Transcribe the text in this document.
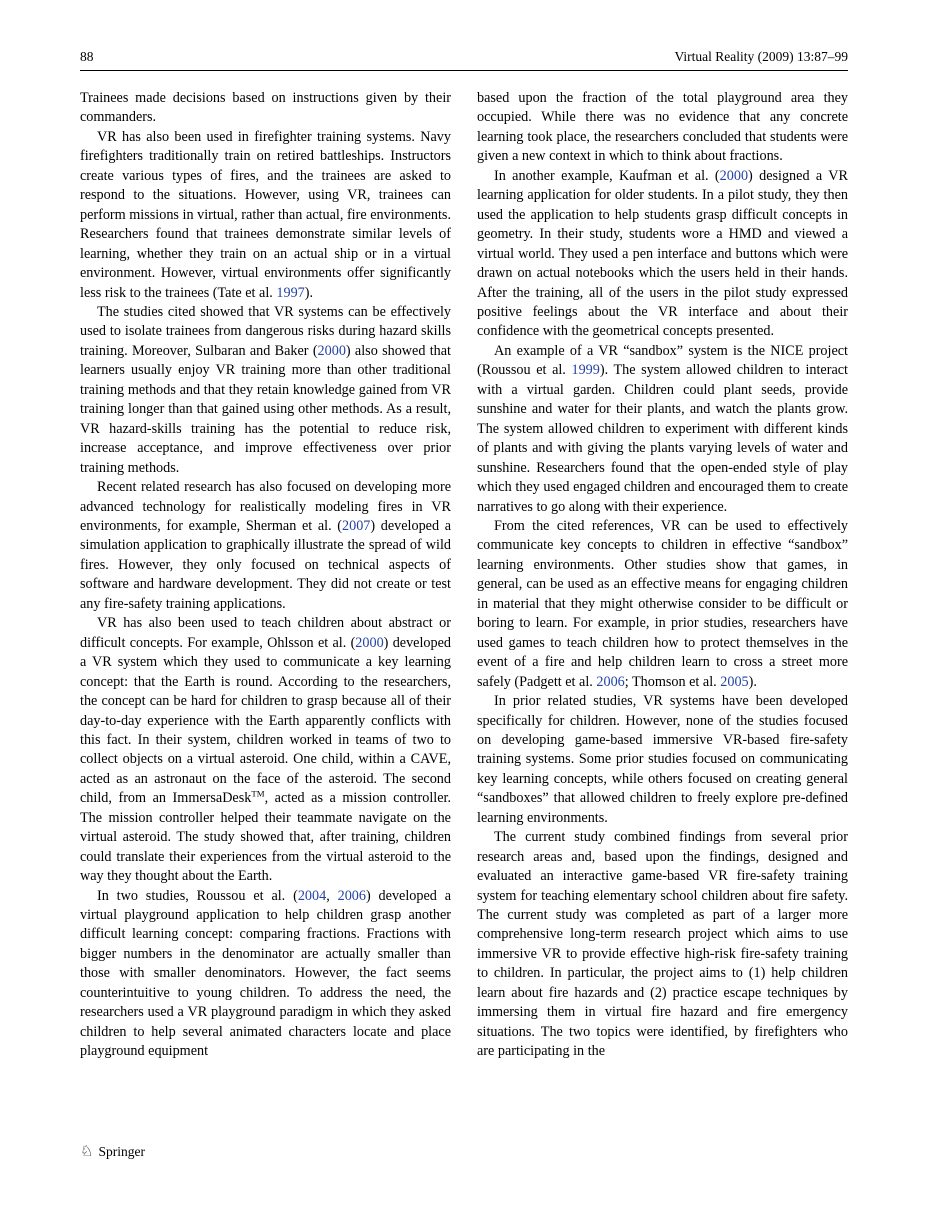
88	Virtual Reality (2009) 13:87–99

Trainees made decisions based on instructions given by their commanders.

VR has also been used in firefighter training systems. Navy firefighters traditionally train on retired battleships. Instructors create various types of fires, and the trainees are asked to respond to the situations. However, using VR, trainees can perform missions in virtual, rather than actual, fire environments. Researchers found that trainees demonstrate similar levels of learning, whether they train on an actual ship or in a virtual environment. However, virtual environments offer significantly less risk to the trainees (Tate et al. 1997).

The studies cited showed that VR systems can be effectively used to isolate trainees from dangerous risks during hazard skills training. Moreover, Sulbaran and Baker (2000) also showed that learners usually enjoy VR training more than other traditional training methods and that they retain knowledge gained from VR training longer than that gained using other methods. As a result, VR hazard-skills training has the potential to reduce risk, increase acceptance, and improve effectiveness over prior training methods.

Recent related research has also focused on developing more advanced technology for realistically modeling fires in VR environments, for example, Sherman et al. (2007) developed a simulation application to graphically illustrate the spread of wild fires. However, they only focused on technical aspects of software and hardware development. They did not create or test any fire-safety training applications.

VR has also been used to teach children about abstract or difficult concepts. For example, Ohlsson et al. (2000) developed a VR system which they used to communicate a key learning concept: that the Earth is round. According to the researchers, the concept can be hard for children to grasp because all of their day-to-day experience with the Earth apparently conflicts with this fact. In their system, children worked in teams of two to collect objects on a virtual asteroid. One child, within a CAVE, acted as an astronaut on the face of the asteroid. The second child, from an ImmersaDesk™, acted as a mission controller. The mission controller helped their teammate navigate on the virtual asteroid. The study showed that, after training, children could translate their experiences from the virtual asteroid to the way they thought about the Earth.

In two studies, Roussou et al. (2004, 2006) developed a virtual playground application to help children grasp another difficult learning concept: comparing fractions. Fractions with bigger numbers in the denominator are actually smaller than those with smaller denominators. However, the fact seems counterintuitive to young children. To address the need, the researchers used a VR playground paradigm in which they asked children to help several animated characters locate and place playground equipment

based upon the fraction of the total playground area they occupied. While there was no evidence that any concrete learning took place, the researchers concluded that students were given a new context in which to think about fractions.

In another example, Kaufman et al. (2000) designed a VR learning application for older students. In a pilot study, they then used the application to help students grasp difficult concepts in geometry. In their study, students wore a HMD and viewed a virtual world. They used a pen interface and buttons which were drawn on actual notebooks which the users held in their hands. After the training, all of the users in the pilot study expressed positive feelings about the VR interface and about their confidence with the geometrical concepts presented.

An example of a VR “sandbox” system is the NICE project (Roussou et al. 1999). The system allowed children to interact with a virtual garden. Children could plant seeds, provide sunshine and water for their plants, and watch the plants grow. The system allowed children to experiment with different kinds of plants and with giving the plants varying levels of water and sunshine. Researchers found that the open-ended style of play which they used engaged children and encouraged them to create narratives to go along with their experience.

From the cited references, VR can be used to effectively communicate key concepts to children in effective “sandbox” learning environments. Other studies show that games, in general, can be used as an effective means for engaging children in material that they might otherwise consider to be difficult or boring to learn. For example, in prior studies, researchers have used games to teach children how to protect themselves in the event of a fire and help children learn to cross a street more safely (Padgett et al. 2006; Thomson et al. 2005).

In prior related studies, VR systems have been developed specifically for children. However, none of the studies focused on developing game-based immersive VR-based fire-safety training systems. Some prior studies focused on communicating key learning concepts, while others focused on creating general “sandboxes” that allowed children to freely explore pre-defined learning environments.

The current study combined findings from several prior research areas and, based upon the findings, designed and evaluated an interactive game-based VR fire-safety training system for teaching elementary school children about fire safety. The current study was completed as part of a larger more comprehensive long-term research project which aims to use immersive VR to provide effective high-risk fire-safety training to children. In particular, the project aims to (1) help children learn about fire hazards and (2) practice escape techniques by immersing them in virtual fire hazard and fire emergency situations. The two topics were identified, by firefighters who are participating in the

♘ Springer
